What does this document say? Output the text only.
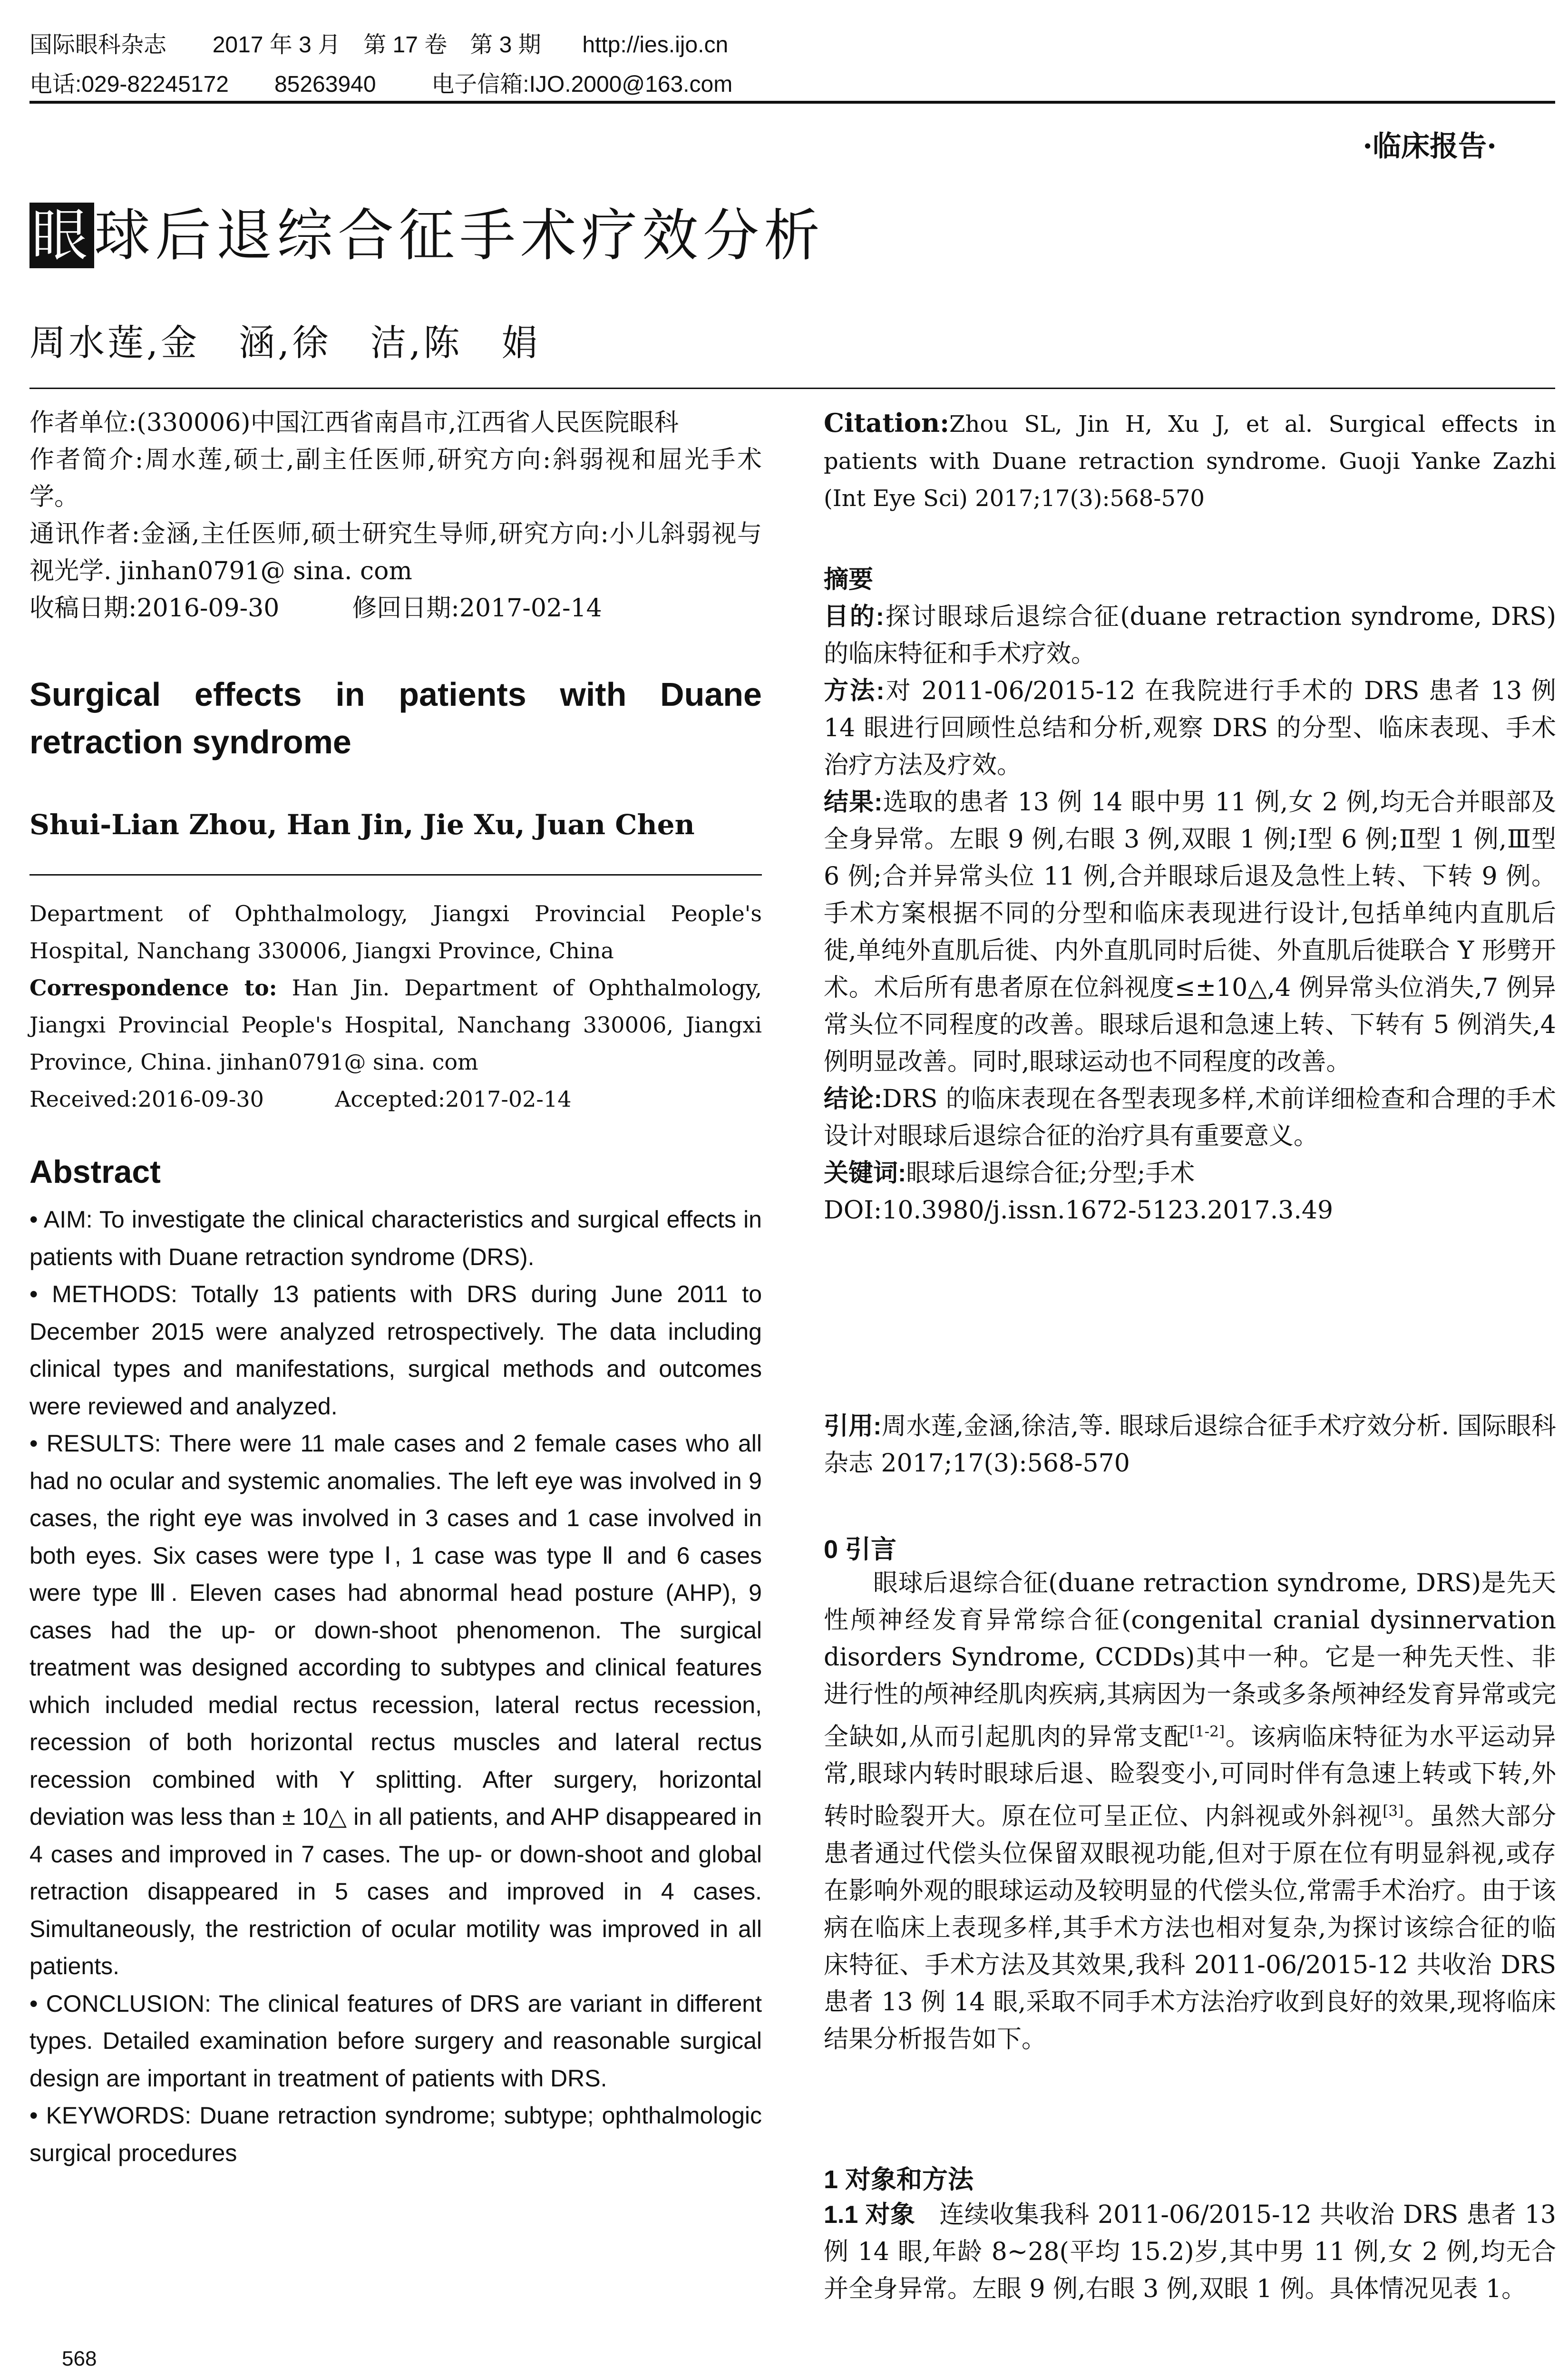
国际眼科杂志 2017 年 3 月　第 17 卷　第 3 期 http://ies.ijo.cn
电话:029-82245172　　85263940 电子信箱:IJO.2000@163.com
·临床报告·
眼球后退综合征手术疗效分析
周水莲,金　涵,徐　洁,陈　娟

作者单位:(330006)中国江西省南昌市,江西省人民医院眼科

作者简介:周水莲,硕士,副主任医师,研究方向:斜弱视和屈光手术学。

通讯作者:金涵,主任医师,硕士研究生导师,研究方向:小儿斜弱视与视光学. jinhan0791@ sina. com

收稿日期:2016-09-30	修回日期:2017-02-14

Surgical effects in patients with Duane retraction syndrome
Shui-Lian Zhou, Han Jin, Jie Xu, Juan Chen

Department of Ophthalmology, Jiangxi Provincial People's Hospital, Nanchang 330006, Jiangxi Province, China

Correspondence to: Han Jin. Department of Ophthalmology, Jiangxi Provincial People's Hospital, Nanchang 330006, Jiangxi Province, China. jinhan0791@ sina. com

Received:2016-09-30	Accepted:2017-02-14

Abstract

• AIM: To investigate the clinical characteristics and surgical effects in patients with Duane retraction syndrome (DRS).

• METHODS: Totally 13 patients with DRS during June 2011 to December 2015 were analyzed retrospectively. The data including clinical types and manifestations, surgical methods and outcomes were reviewed and analyzed.

• RESULTS: There were 11 male cases and 2 female cases who all had no ocular and systemic anomalies. The left eye was involved in 9 cases, the right eye was involved in 3 cases and 1 case involved in both eyes. Six cases were type Ⅰ, 1 case was type Ⅱ and 6 cases were type Ⅲ. Eleven cases had abnormal head posture (AHP), 9 cases had the up- or down-shoot phenomenon. The surgical treatment was designed according to subtypes and clinical features which included medial rectus recession, lateral rectus recession, recession of both horizontal rectus muscles and lateral rectus recession combined with Y splitting. After surgery, horizontal deviation was less than ± 10△ in all patients, and AHP disappeared in 4 cases and improved in 7 cases. The up- or down-shoot and global retraction disappeared in 5 cases and improved in 4 cases. Simultaneously, the restriction of ocular motility was improved in all patients.

• CONCLUSION: The clinical features of DRS are variant in different types. Detailed examination before surgery and reasonable surgical design are important in treatment of patients with DRS.

• KEYWORDS: Duane retraction syndrome; subtype; ophthalmologic surgical procedures

568
Citation:Zhou SL, Jin H, Xu J, et al. Surgical effects in patients with Duane retraction syndrome. Guoji Yanke Zazhi (Int Eye Sci) 2017;17(3):568-570

摘要

目的:探讨眼球后退综合征(duane retraction syndrome, DRS)的临床特征和手术疗效。

方法:对 2011-06/2015-12 在我院进行手术的 DRS 患者 13 例 14 眼进行回顾性总结和分析,观察 DRS 的分型、临床表现、手术治疗方法及疗效。

结果:选取的患者 13 例 14 眼中男 11 例,女 2 例,均无合并眼部及全身异常。左眼 9 例,右眼 3 例,双眼 1 例;Ⅰ型 6 例;Ⅱ型 1 例,Ⅲ型 6 例;合并异常头位 11 例,合并眼球后退及急性上转、下转 9 例。手术方案根据不同的分型和临床表现进行设计,包括单纯内直肌后徙,单纯外直肌后徙、内外直肌同时后徙、外直肌后徙联合 Y 形劈开术。术后所有患者原在位斜视度≤±10△,4 例异常头位消失,7 例异常头位不同程度的改善。眼球后退和急速上转、下转有 5 例消失,4 例明显改善。同时,眼球运动也不同程度的改善。

结论:DRS 的临床表现在各型表现多样,术前详细检查和合理的手术设计对眼球后退综合征的治疗具有重要意义。

关键词:眼球后退综合征;分型;手术

DOI:10.3980/j.issn.1672-5123.2017.3.49

引用:周水莲,金涵,徐洁,等. 眼球后退综合征手术疗效分析. 国际眼科杂志 2017;17(3):568-570
0 引言
眼球后退综合征(duane retraction syndrome, DRS)是先天性颅神经发育异常综合征(congenital cranial dysinnervation disorders Syndrome, CCDDs)其中一种。它是一种先天性、非进行性的颅神经肌肉疾病,其病因为一条或多条颅神经发育异常或完全缺如,从而引起肌肉的异常支配[1-2]。该病临床特征为水平运动异常,眼球内转时眼球后退、睑裂变小,可同时伴有急速上转或下转,外转时睑裂开大。原在位可呈正位、内斜视或外斜视[3]。虽然大部分患者通过代偿头位保留双眼视功能,但对于原在位有明显斜视,或存在影响外观的眼球运动及较明显的代偿头位,常需手术治疗。由于该病在临床上表现多样,其手术方法也相对复杂,为探讨该综合征的临床特征、手术方法及其效果,我科 2011-06/2015-12 共收治 DRS 患者 13 例 14 眼,采取不同手术方法治疗收到良好的效果,现将临床结果分析报告如下。
1 对象和方法
1.1 对象 连续收集我科 2011-06/2015-12 共收治 DRS 患者 13 例 14 眼,年龄 8~28(平均 15.2)岁,其中男 11 例,女 2 例,均无合并全身异常。左眼 9 例,右眼 3 例,双眼 1 例。具体情况见表 1。
